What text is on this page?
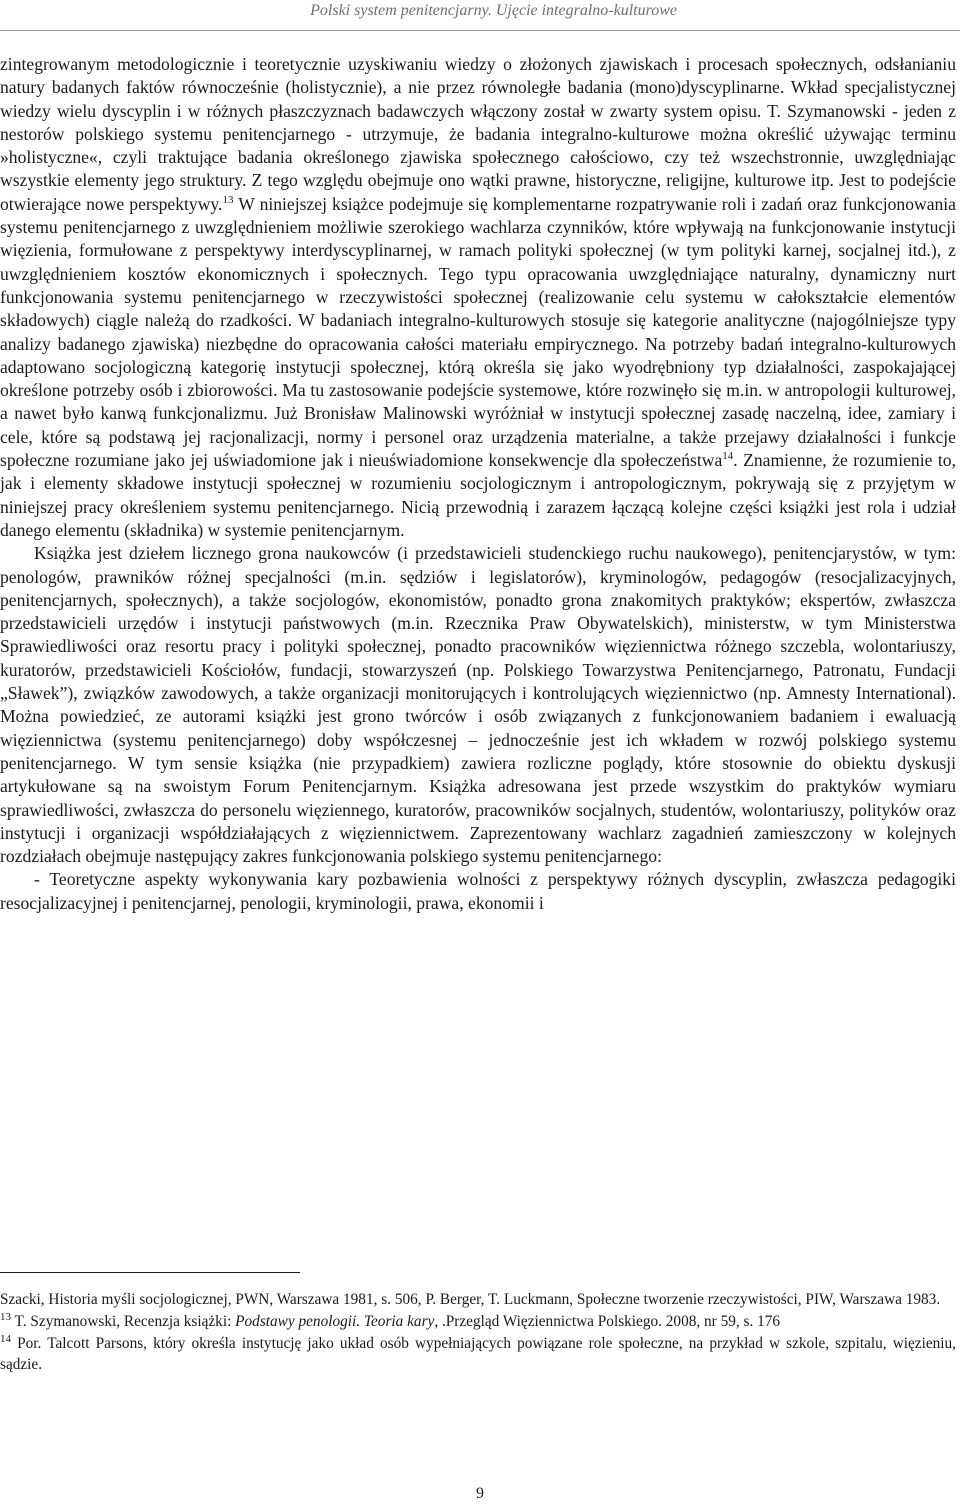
Polski system penitencjarny. Ujęcie integralno-kulturowe

zintegrowanym metodologicznie i teoretycznie uzyskiwaniu wiedzy o złożonych zjawiskach i procesach społecznych, odsłanianiu natury badanych faktów równocześnie (holistycznie), a nie przez równoległe badania (mono)dyscyplinarne. Wkład specjalistycznej wiedzy wielu dyscyplin i w różnych płaszczyznach badawczych włączony został w zwarty system opisu. T. Szymanowski - jeden z nestorów polskiego systemu penitencjarnego - utrzymuje, że badania integralno-kulturowe można określić używając terminu »holistyczne«, czyli traktujące badania określonego zjawiska społecznego całościowo, czy też wszechstronnie, uwzględniając wszystkie elementy jego struktury. Z tego względu obejmuje ono wątki prawne, historyczne, religijne, kulturowe itp. Jest to podejście otwierające nowe perspektywy.$^{13}$ W niniejszej książce podejmuje się komplementarne rozpatrywanie roli i zadań oraz funkcjonowania systemu penitencjarnego z uwzględnieniem możliwie szerokiego wachlarza czynników, które wpływają na funkcjonowanie instytucji więzienia, formułowane z perspektywy interdyscyplinarnej, w ramach polityki społecznej (w tym polityki karnej, socjalnej itd.), z uwzględnieniem kosztów ekonomicznych i społecznych. Tego typu opracowania uwzględniające naturalny, dynamiczny nurt funkcjonowania systemu penitencjarnego w rzeczywistości społecznej (realizowanie celu systemu w całokształcie elementów składowych) ciągle należą do rzadkości. W badaniach integralno-kulturowych stosuje się kategorie analityczne (najogólniejsze typy analizy badanego zjawiska) niezbędne do opracowania całości materiału empirycznego. Na potrzeby badań integralno-kulturowych adaptowano socjologiczną kategorię instytucji społecznej, którą określa się jako wyodrębniony typ działalności, zaspokajającej określone potrzeby osób i zbiorowości. Ma tu zastosowanie podejście systemowe, które rozwinęło się m.in. w antropologii kulturowej, a nawet było kanwą funkcjonalizmu. Już Bronisław Malinowski wyróżniał w instytucji społecznej zasadę naczelną, idee, zamiary i cele, które są podstawą jej racjonalizacji, normy i personel oraz urządzenia materialne, a także przejawy działalności i funkcje społeczne rozumiane jako jej uświadomione jak i nieuświadomione konsekwencje dla społeczeństwa$^{14}$. Znamienne, że rozumienie to, jak i elementy składowe instytucji społecznej w rozumieniu socjologicznym i antropologicznym, pokrywają się z przyjętym w niniejszej pracy określeniem systemu penitencjarnego. Nicią przewodnią i zarazem łączącą kolejne części książki jest rola i udział danego elementu (składnika) w systemie penitencjarnym.

Książka jest dziełem licznego grona naukowców (i przedstawicieli studenckiego ruchu naukowego), penitencjarystów, w tym: penologów, prawników różnej specjalności (m.in. sędziów i legislatorów), kryminologów, pedagogów (resocjalizacyjnych, penitencjarnych, społecznych), a także socjologów, ekonomistów, ponadto grona znakomitych praktyków; ekspertów, zwłaszcza przedstawicieli urzędów i instytucji państwowych (m.in. Rzecznika Praw Obywatelskich), ministerstw, w tym Ministerstwa Sprawiedliwości oraz resortu pracy i polityki społecznej, ponadto pracowników więziennictwa różnego szczebla, wolontariuszy, kuratorów, przedstawicieli Kościołów, fundacji, stowarzyszeń (np. Polskiego Towarzystwa Penitencjarnego, Patronatu, Fundacji „Sławek”), związków zawodowych, a także organizacji monitorujących i kontrolujących więziennictwo (np. Amnesty International). Można powiedzieć, ze autorami książki jest grono twórców i osób związanych z funkcjonowaniem badaniem i ewaluacją więziennictwa (systemu penitencjarnego) doby współczesnej – jednocześnie jest ich wkładem w rozwój polskiego systemu penitencjarnego. W tym sensie książka (nie przypadkiem) zawiera rozliczne poglądy, które stosownie do obiektu dyskusji artykułowane są na swoistym Forum Penitencjarnym. Książka adresowana jest przede wszystkim do praktyków wymiaru sprawiedliwości, zwłaszcza do personelu więziennego, kuratorów, pracowników socjalnych, studentów, wolontariuszy, polityków oraz instytucji i organizacji współdziałających z więziennictwem. Zaprezentowany wachlarz zagadnień zamieszczony w kolejnych rozdziałach obejmuje następujący zakres funkcjonowania polskiego systemu penitencjarnego:

- Teoretyczne aspekty wykonywania kary pozbawienia wolności z perspektywy różnych dyscyplin, zwłaszcza pedagogiki resocjalizacyjnej i penitencjarnej, penologii, kryminologii, prawa, ekonomii i

Szacki, Historia myśli socjologicznej, PWN, Warszawa 1981, s. 506, P. Berger, T. Luckmann, Społeczne tworzenie rzeczywistości, PIW, Warszawa 1983.

$^{13}$ T. Szymanowski, Recenzja książki: Podstawy penologii. Teoria kary, .Przegląd Więziennictwa Polskiego. 2008, nr 59, s. 176

$^{14}$ Por. Talcott Parsons, który określa instytucję jako układ osób wypełniających powiązane role społeczne, na przykład w szkole, szpitalu, więzieniu, sądzie.

9
